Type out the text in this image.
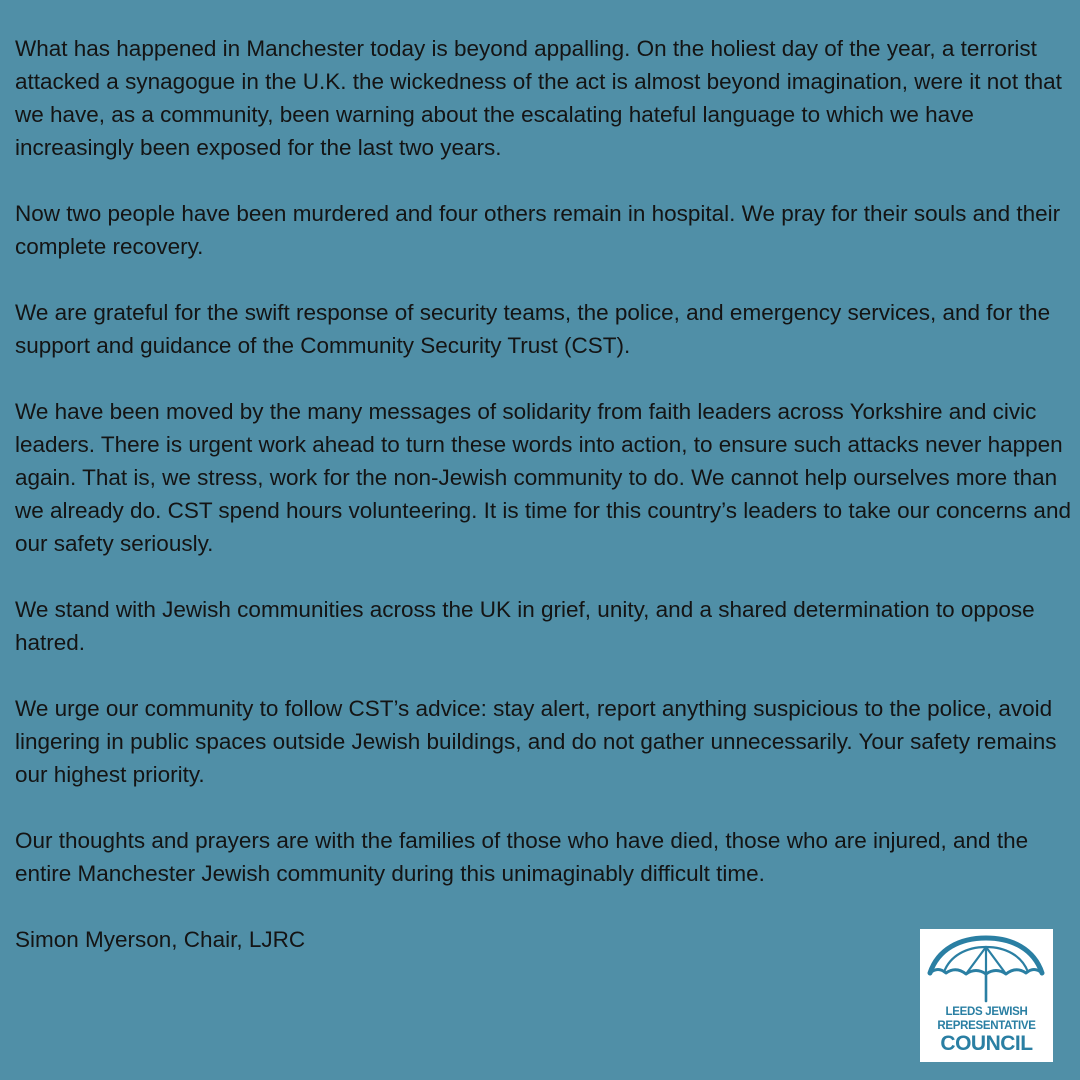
What has happened in Manchester today is beyond appalling. On the holiest day of the year, a terrorist attacked a synagogue in the U.K. the wickedness of the act is almost beyond imagination, were it not that we have, as a community, been warning about the escalating hateful language to which we have increasingly been exposed for the last two years.

Now two people have been murdered and four others remain in hospital. We pray for their souls and their complete recovery.

We are grateful for the swift response of security teams, the police, and emergency services, and for the support and guidance of the Community Security Trust (CST).

We have been moved by the many messages of solidarity from faith leaders across Yorkshire and civic leaders. There is urgent work ahead to turn these words into action, to ensure such attacks never happen again. That is, we stress, work for the non-Jewish community to do. We cannot help ourselves more than we already do. CST spend hours volunteering. It is time for this country’s leaders to take our concerns and our safety seriously.

We stand with Jewish communities across the UK in grief, unity, and a shared determination to oppose hatred.

We urge our community to follow CST’s advice: stay alert, report anything suspicious to the police, avoid lingering in public spaces outside Jewish buildings, and do not gather unnecessarily. Your safety remains our highest priority.

Our thoughts and prayers are with the families of those who have died, those who are injured, and the entire Manchester Jewish community during this unimaginably difficult time.

Simon Myerson, Chair, LJRC

LEEDS JEWISH
REPRESENTATIVE
COUNCIL
